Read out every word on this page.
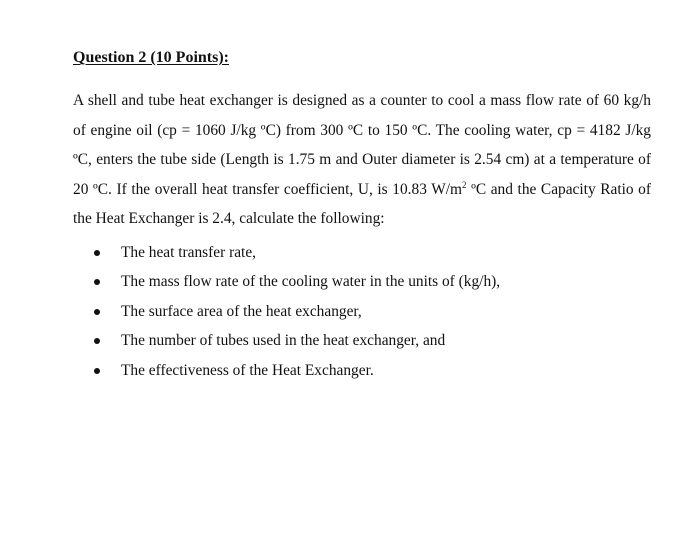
Question 2 (10 Points):

A shell and tube heat exchanger is designed as a counter to cool a mass flow rate of 60 kg/h of engine oil (cp = 1060 J/kg ºC) from 300 ºC to 150 ºC. The cooling water, cp = 4182 J/kg ºC, enters the tube side (Length is 1.75 m and Outer diameter is 2.54 cm) at a temperature of 20 ºC. If the overall heat transfer coefficient, U, is 10.83 $W/m^2$ ºC and the Capacity Ratio of the Heat Exchanger is 2.4, calculate the following:

The heat transfer rate,
The mass flow rate of the cooling water in the units of (kg/h),
The surface area of the heat exchanger,
The number of tubes used in the heat exchanger, and
The effectiveness of the Heat Exchanger.
